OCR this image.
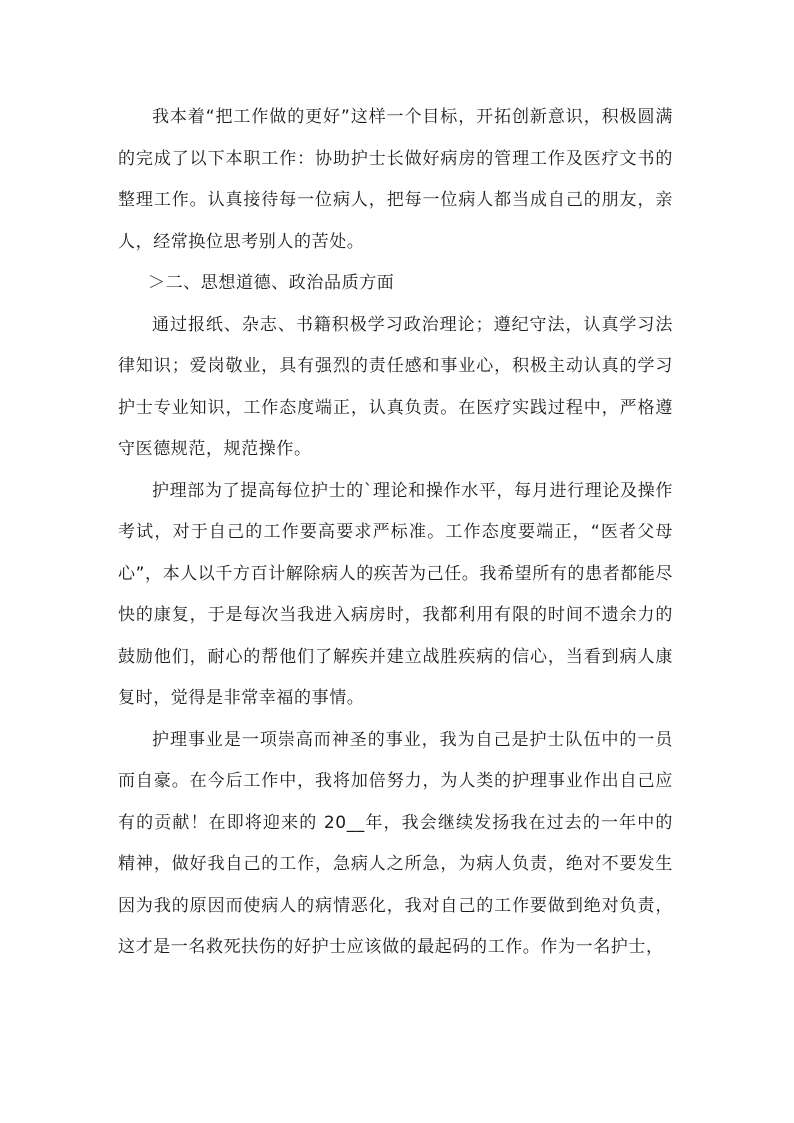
我本着“把工作做的更好”这样一个目标，开拓创新意识，积极圆满的完成了以下本职工作：协助护士长做好病房的管理工作及医疗文书的整理工作。认真接待每一位病人，把每一位病人都当成自己的朋友，亲人，经常换位思考别人的苦处。

＞二、思想道德、政治品质方面

通过报纸、杂志、书籍积极学习政治理论；遵纪守法，认真学习法律知识；爱岗敬业，具有强烈的责任感和事业心，积极主动认真的学习护士专业知识，工作态度端正，认真负责。在医疗实践过程中，严格遵守医德规范，规范操作。

护理部为了提高每位护士的`理论和操作水平，每月进行理论及操作考试，对于自己的工作要高要求严标准。工作态度要端正，“医者父母心”，本人以千方百计解除病人的疾苦为己任。我希望所有的患者都能尽快的康复，于是每次当我进入病房时，我都利用有限的时间不遗余力的鼓励他们，耐心的帮他们了解疾并建立战胜疾病的信心，当看到病人康复时，觉得是非常幸福的事情。

护理事业是一项崇高而神圣的事业，我为自己是护士队伍中的一员而自豪。在今后工作中，我将加倍努力，为人类的护理事业作出自己应有的贡献！在即将迎来的 20__年，我会继续发扬我在过去的一年中的精神，做好我自己的工作，急病人之所急，为病人负责，绝对不要发生因为我的原因而使病人的病情恶化，我对自己的工作要做到绝对负责，这才是一名救死扶伤的好护士应该做的最起码的工作。作为一名护士，
